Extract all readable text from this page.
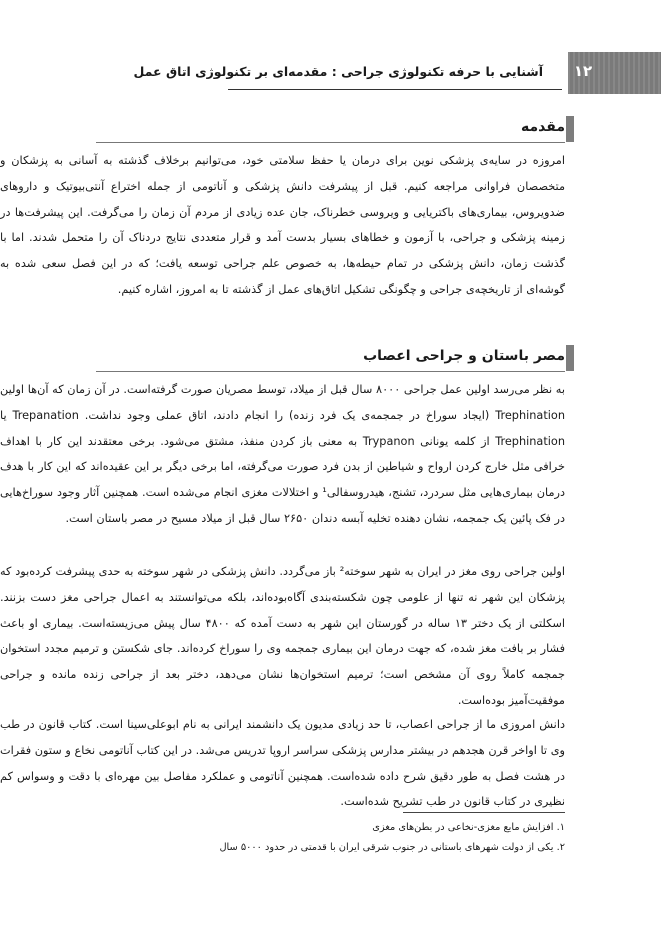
آشنایی با حرفه تکنولوژی جراحی : مقدمه‌ای بر تکنولوژی اتاق عمل	۱۲
مقدمه

امروزه در سایه‌ی پزشکی نوین برای درمان یا حفظ سلامتی خود، می‌توانیم برخلاف گذشته به آسانی به پزشکان و متخصصان فراوانی مراجعه کنیم. قبل از پیشرفت دانش پزشکی و آناتومی از جمله اختراع آنتی‌بیوتیک و داروهای ضدویروس، بیماری‌های باکتریایی و ویروسی خطرناک، جان عده زیادی از مردم آن زمان را می‌گرفت. این پیشرفت‌ها در زمینه پزشکی و جراحی، با آزمون و خطاهای بسیار بدست آمد و قرار متعددی نتایج دردناک آن را متحمل شدند. اما با گذشت زمان، دانش پزشکی در تمام حیطه‌ها، به خصوص علم جراحی توسعه یافت؛ که در این فصل سعی شده به گوشه‌ای از تاریخچه‌ی جراحی و چگونگی تشکیل اتاق‌های عمل از گذشته تا به امروز، اشاره کنیم.

مصر باستان و جراحی اعصاب

به نظر می‌رسد اولین عمل جراحی ۸۰۰۰ سال قبل از میلاد، توسط مصریان صورت گرفته‌است. در آن زمان که آن‌ها اولین Trephination (ایجاد سوراخ در جمجمه‌ی یک فرد زنده) را انجام دادند، اتاق عملی وجود نداشت. Trepanation یا Trephination از کلمه یونانی Trypanon به معنی باز کردن منفذ، مشتق می‌شود. برخی معتقدند این کار با اهداف خرافی مثل خارج کردن ارواح و شیاطین از بدن فرد صورت می‌گرفته، اما برخی دیگر بر این عقیده‌اند که این کار با هدف درمان بیماری‌هایی مثل سردرد، تشنج، هیدروسفالی¹ و اختلالات مغزی انجام می‌شده است. همچنین آثار وجود سوراخ‌هایی در فک پائین یک جمجمه، نشان دهنده تخلیه آبسه دندان ۲۶۵۰ سال قبل از میلاد مسیح در مصر باستان است.

اولین جراحی روی مغز در ایران به شهر سوخته² باز می‌گردد. دانش پزشکی در شهر سوخته به حدی پیشرفت کرده‌بود که پزشکان این شهر نه تنها از علومی چون شکسته‌بندی آگاه‌بوده‌اند، بلکه می‌توانستند به اعمال جراحی مغز دست بزنند. اسکلتی از یک دختر ۱۳ ساله در گورستان این شهر به دست آمده که ۴۸۰۰ سال پیش می‌زیسته‌است. بیماری او باعث فشار بر بافت مغز شده، که جهت درمان این بیماری جمجمه وی را سوراخ کرده‌اند. جای شکستن و ترمیم مجدد استخوان جمجمه کاملاً روی آن مشخص است؛ ترمیم استخوان‌ها نشان می‌دهد، دختر بعد از جراحی زنده مانده و جراحی موفقیت‌آمیز بوده‌است.

دانش امروزی ما از جراحی اعصاب، تا حد زیادی مدیون یک دانشمند ایرانی به نام ابوعلی‌سینا است. کتاب قانون در طب وی تا اواخر قرن هجدهم در بیشتر مدارس پزشکی سراسر اروپا تدریس می‌شد. در این کتاب آناتومی نخاع و ستون فقرات در هشت فصل به طور دقیق شرح داده شده‌است. همچنین آناتومی و عملکرد مفاصل بین مهره‌ای با دقت و وسواس کم نظیری در کتاب قانون در طب تشریح شده‌است.

۱. افزایش مایع مغزی-نخاعی در بطن‌های مغزی
۲. یکی از دولت شهرهای باستانی در جنوب شرقی ایران با قدمتی در حدود ۵۰۰۰ سال
